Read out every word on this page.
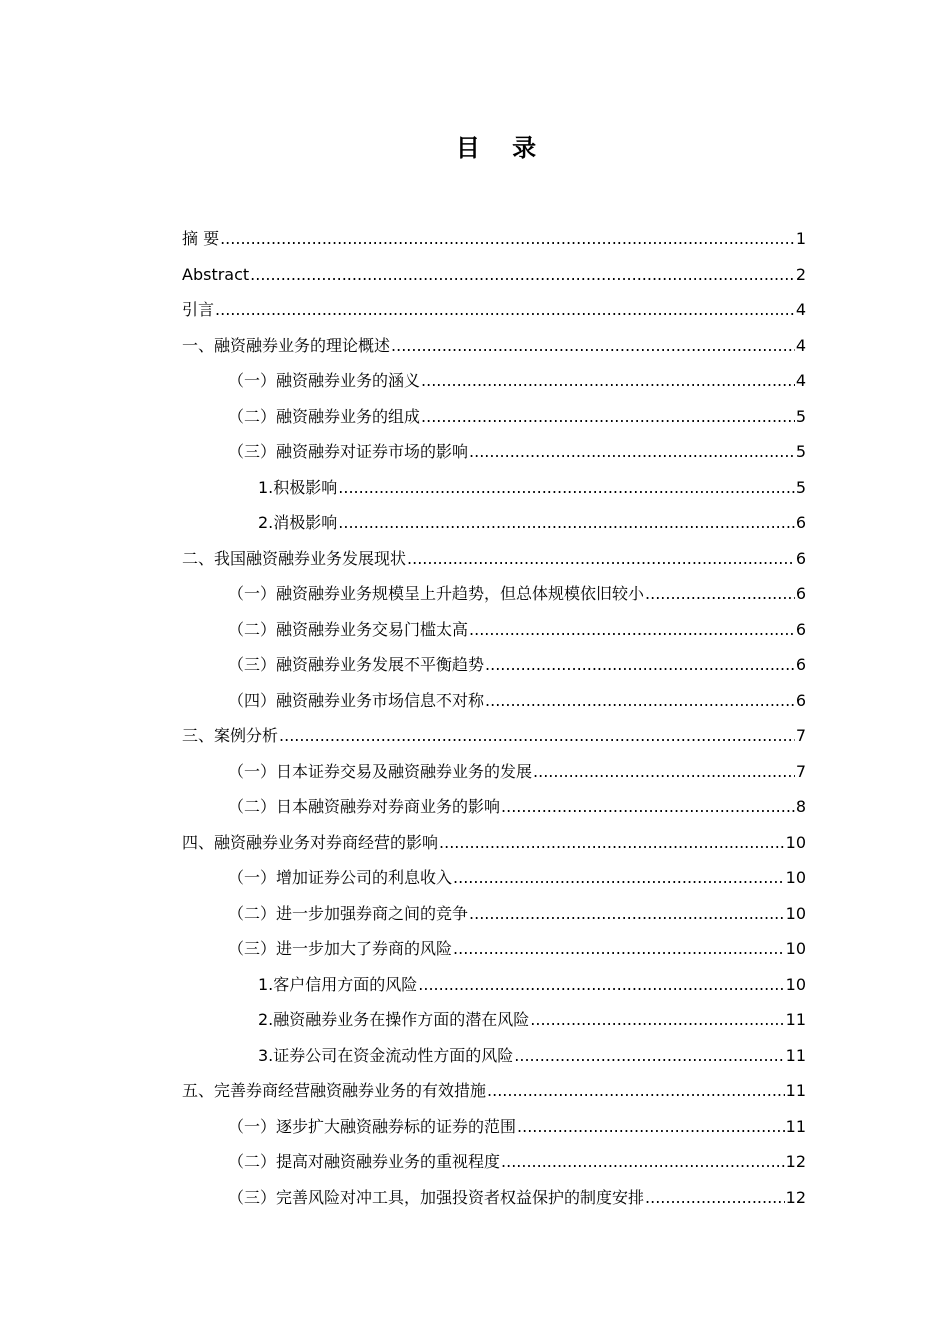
目 录
摘 要 .....	1
Abstract .....	2
引言 .....	4
一、融资融券业务的理论概述 .....	4
（一）融资融券业务的涵义 .....	4
（二）融资融券业务的组成 .....	5
（三）融资融券对证券市场的影响 .....	5
1.积极影响 .....	5
2.消极影响 .....	6
二、我国融资融券业务发展现状 .....	6
（一）融资融券业务规模呈上升趋势，但总体规模依旧较小 .....	6
（二）融资融券业务交易门槛太高 .....	6
（三）融资融券业务发展不平衡趋势 .....	6
（四）融资融券业务市场信息不对称 .....	6
三、案例分析 .....	7
（一）日本证券交易及融资融券业务的发展 .....	7
（二）日本融资融券对券商业务的影响 .....	8
四、融资融券业务对券商经营的影响 .....	10
（一）增加证券公司的利息收入 .....	10
（二）进一步加强券商之间的竞争 .....	10
（三）进一步加大了券商的风险 .....	10
1.客户信用方面的风险 .....	10
2.融资融券业务在操作方面的潜在风险 .....	11
3.证券公司在资金流动性方面的风险 .....	11
五、完善券商经营融资融券业务的有效措施 .....	11
（一）逐步扩大融资融券标的证券的范围 .....	11
（二）提高对融资融券业务的重视程度 .....	12
（三）完善风险对冲工具，加强投资者权益保护的制度安排 .....	12
